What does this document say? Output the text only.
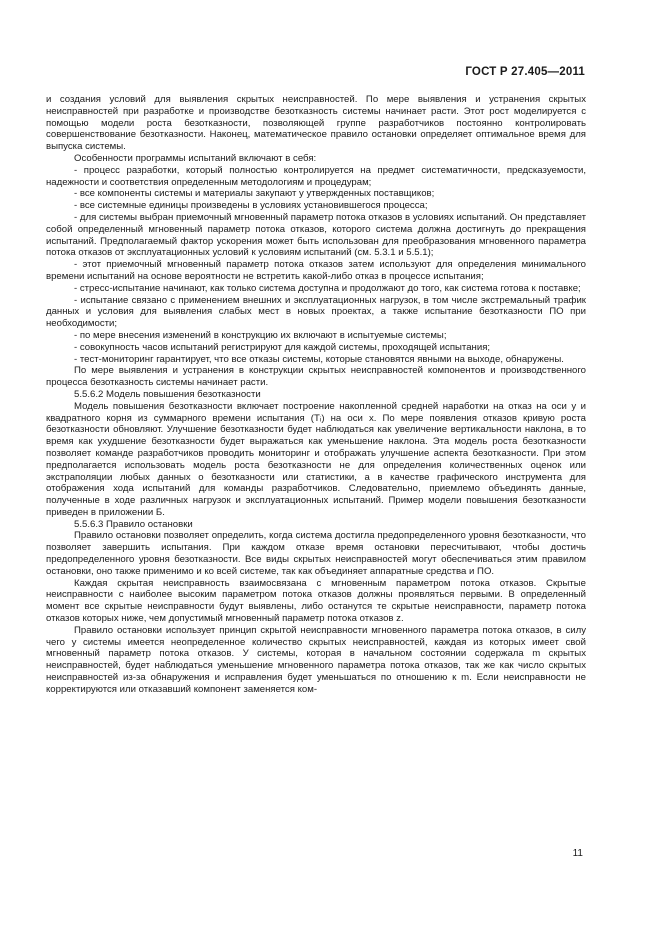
ГОСТ Р 27.405—2011

и создания условий для выявления скрытых неисправностей. По мере выявления и устранения скрытых неисправностей при разработке и производстве безотказность системы начинает расти. Этот рост моделируется с помощью модели роста безотказности, позволяющей группе разработчиков постоянно контролировать совершенствование безотказности. Наконец, математическое правило остановки определяет оптимальное время для выпуска системы.

Особенности программы испытаний включают в себя:

- процесс разработки, который полностью контролируется на предмет систематичности, предсказуемости, надежности и соответствия определенным методологиям и процедурам;

- все компоненты системы и материалы закупают у утвержденных поставщиков;

- все системные единицы произведены в условиях установившегося процесса;

- для системы выбран приемочный мгновенный параметр потока отказов в условиях испытаний. Он представляет собой определенный мгновенный параметр потока отказов, которого система должна достигнуть до прекращения испытаний. Предполагаемый фактор ускорения может быть использован для преобразования мгновенного параметра потока отказов от эксплуатационных условий к условиям испытаний (см. 5.3.1 и 5.5.1);

- этот приемочный мгновенный параметр потока отказов затем используют для определения минимального времени испытаний на основе вероятности не встретить какой-либо отказ в процессе испытания;

- стресс-испытание начинают, как только система доступна и продолжают до того, как система готова к поставке;

- испытание связано с применением внешних и эксплуатационных нагрузок, в том числе экстремальный трафик данных и условия для выявления слабых мест в новых проектах, а также испытание безотказности ПО при необходимости;

- по мере внесения изменений в конструкцию их включают в испытуемые системы;

- совокупность часов испытаний регистрируют для каждой системы, проходящей испытания;

- тест-мониторинг гарантирует, что все отказы системы, которые становятся явными на выходе, обнаружены.

По мере выявления и устранения в конструкции скрытых неисправностей компонентов и производственного процесса безотказность системы начинает расти.

5.5.6.2 Модель повышения безотказности

Модель повышения безотказности включает построение накопленной средней наработки на отказ на оси y и квадратного корня из суммарного времени испытания (Tᵢ) на оси x. По мере появления отказов кривую роста безотказности обновляют. Улучшение безотказности будет наблюдаться как увеличение вертикальности наклона, в то время как ухудшение безотказности будет выражаться как уменьшение наклона. Эта модель роста безотказности позволяет команде разработчиков проводить мониторинг и отображать улучшение аспекта безотказности. При этом предполагается использовать модель роста безотказности не для определения количественных оценок или экстраполяции любых данных о безотказности или статистики, а в качестве графического инструмента для отображения хода испытаний для команды разработчиков. Следовательно, приемлемо объединять данные, полученные в ходе различных нагрузок и эксплуатационных испытаний. Пример модели повышения безотказности приведен в приложении Б.

5.5.6.3 Правило остановки

Правило остановки позволяет определить, когда система достигла предопределенного уровня безотказности, что позволяет завершить испытания. При каждом отказе время остановки пересчитывают, чтобы достичь предопределенного уровня безотказности. Все виды скрытых неисправностей могут обеспечиваться этим правилом остановки, оно также применимо и ко всей системе, так как объединяет аппаратные средства и ПО.

Каждая скрытая неисправность взаимосвязана с мгновенным параметром потока отказов. Скрытые неисправности с наиболее высоким параметром потока отказов должны проявляться первыми. В определенный момент все скрытые неисправности будут выявлены, либо останутся те скрытые неисправности, параметр потока отказов которых ниже, чем допустимый мгновенный параметр потока отказов z.

Правило остановки использует принцип скрытой неисправности мгновенного параметра потока отказов, в силу чего у системы имеется неопределенное количество скрытых неисправностей, каждая из которых имеет свой мгновенный параметр потока отказов. У системы, которая в начальном состоянии содержала m скрытых неисправностей, будет наблюдаться уменьшение мгновенного параметра потока отказов, так же как число скрытых неисправностей из-за обнаружения и исправления будет уменьшаться по отношению к m. Если неисправности не корректируются или отказавший компонент заменяется ком-

11
